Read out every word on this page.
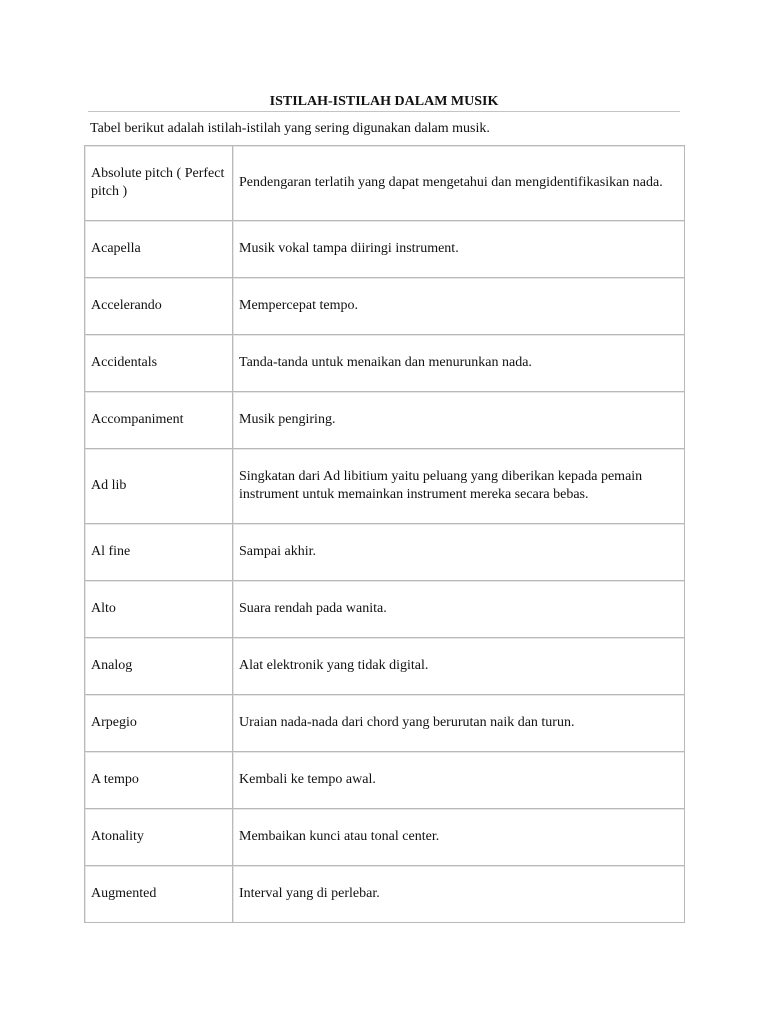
ISTILAH-ISTILAH DALAM MUSIK
Tabel berikut adalah istilah-istilah yang sering digunakan dalam musik.
Absolute pitch ( Perfect pitch )	Pendengaran terlatih yang dapat mengetahui dan mengidentifikasikan nada.
Acapella	Musik vokal tampa diiringi instrument.
Accelerando	Mempercepat tempo.
Accidentals	Tanda-tanda untuk menaikan dan menurunkan nada.
Accompaniment	Musik pengiring.
Ad lib	Singkatan dari Ad libitium yaitu peluang yang diberikan kepada pemain instrument untuk memainkan instrument mereka secara bebas.
Al fine	Sampai akhir.
Alto	Suara rendah pada wanita.
Analog	Alat elektronik yang tidak digital.
Arpegio	Uraian nada-nada dari chord yang berurutan naik dan turun.
A tempo	Kembali ke tempo awal.
Atonality	Membaikan kunci atau tonal center.
Augmented	Interval yang di perlebar.
